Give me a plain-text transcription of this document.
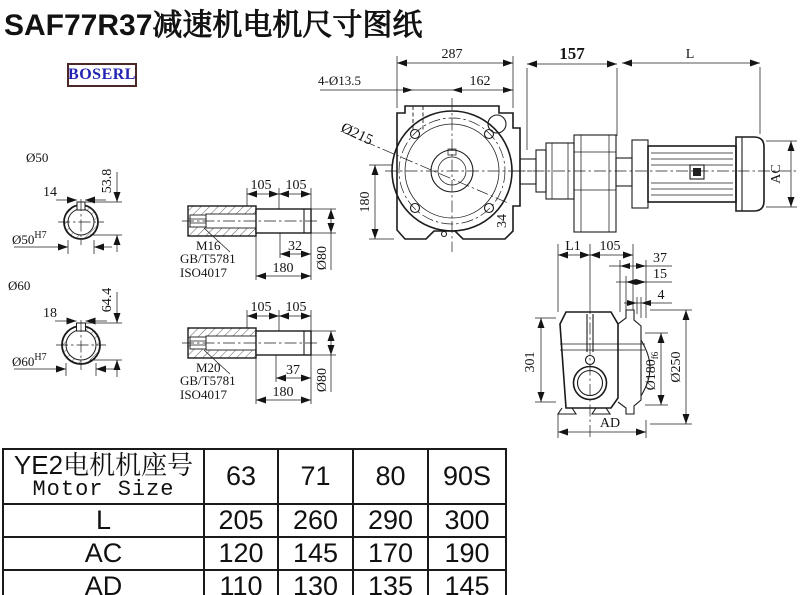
SAF77R37减速机电机尺寸图纸
BOSERL
287
4-Ø13.5	162
157	L
Ø215
180
34
AC
L1 105
37
15
4
301	$Ø180_{f6}$ Ø250
AD
Ø50
14	53.8
$Ø50^{H7}$
Ø60
18
64.4
$Ø60^{H7}$
105 105
M16
GB/T5781
ISO4017
32
180 Ø80
105 105
M20
GB/T5781
ISO4017
37
180
Ø80
YE2电机机座号
Motor Size	63	71	80	90S
L	205	260	290	300
AC	120	145	170	190
AD	110	130	135	145
